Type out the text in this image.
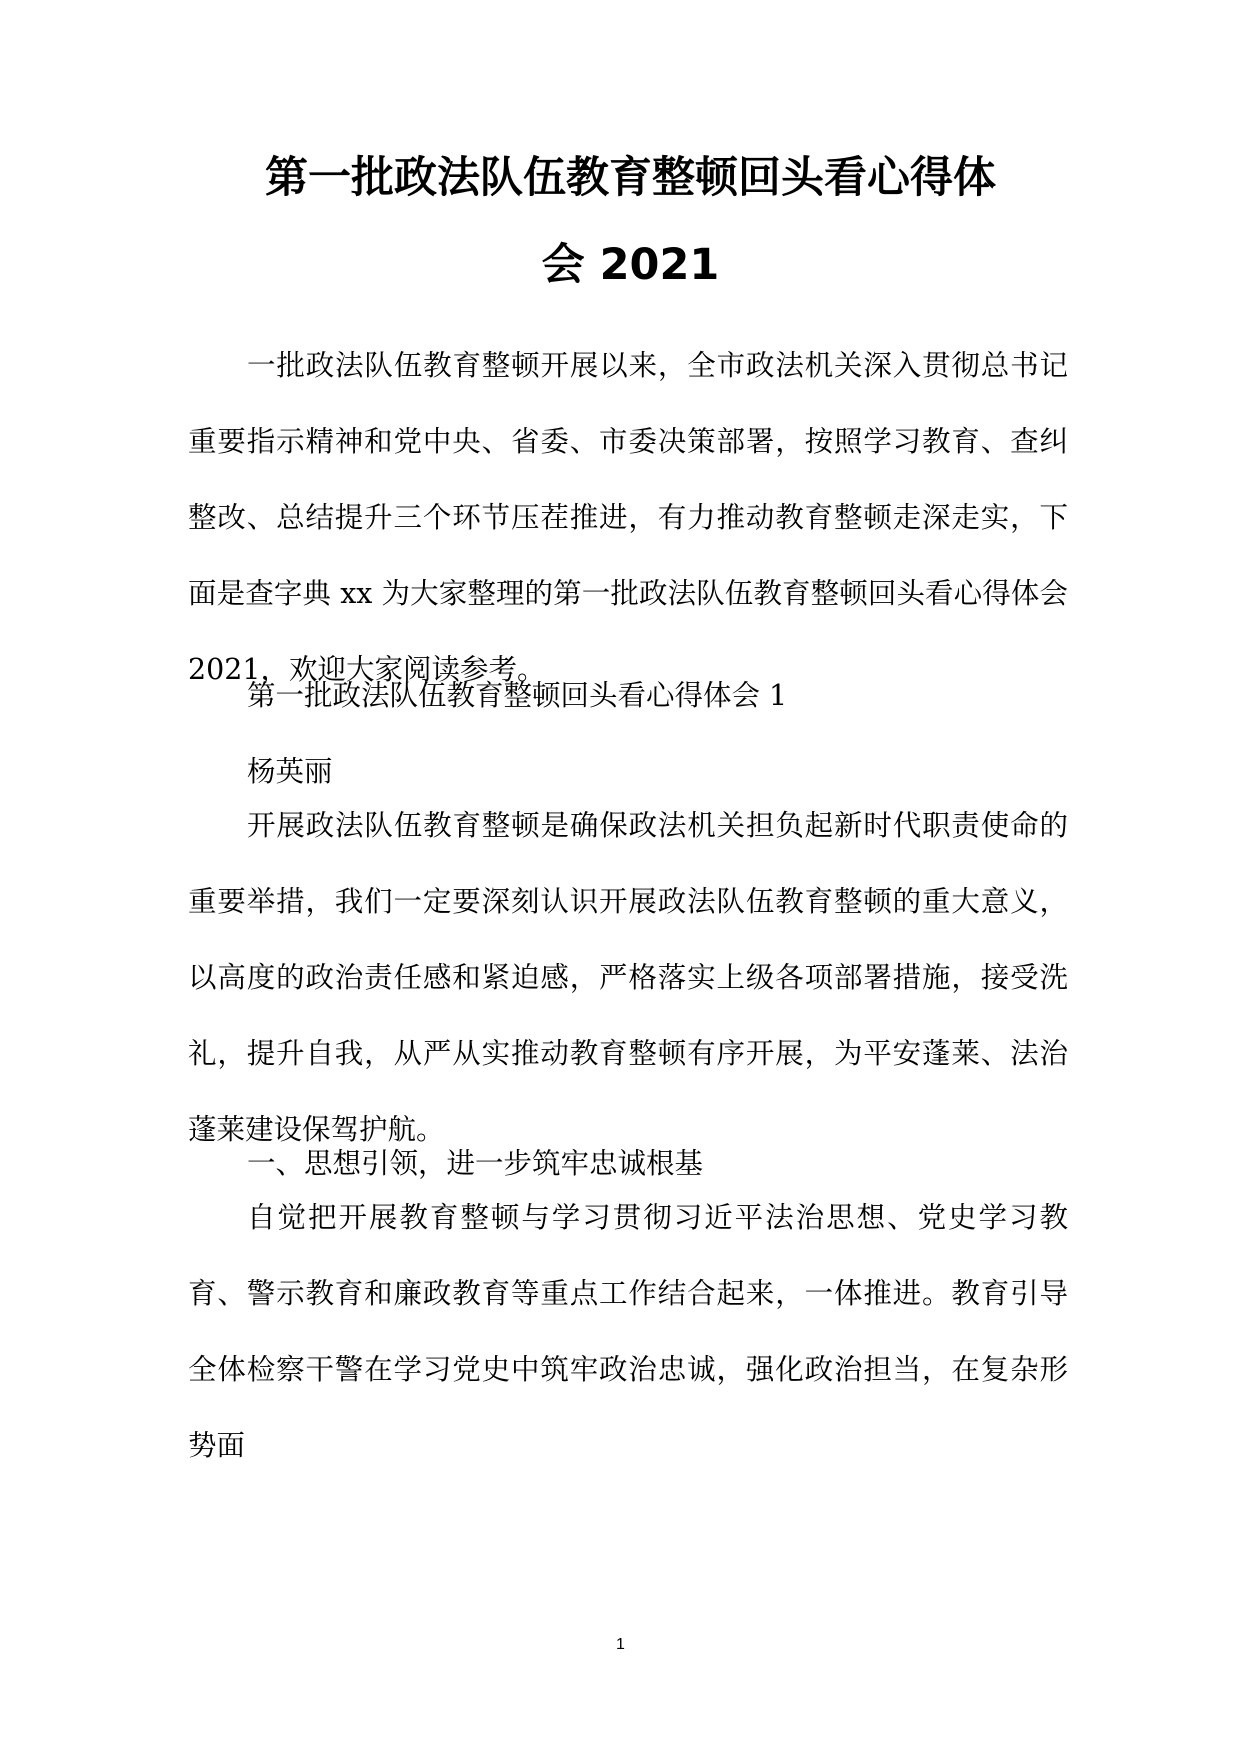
第一批政法队伍教育整顿回头看心得体
会 2021

一批政法队伍教育整顿开展以来，全市政法机关深入贯彻总书记重要指示精神和党中央、省委、市委决策部署，按照学习教育、查纠整改、总结提升三个环节压茬推进，有力推动教育整顿走深走实，下面是查字典 xx 为大家整理的第一批政法队伍教育整顿回头看心得体会 2021，欢迎大家阅读参考。

第一批政法队伍教育整顿回头看心得体会 1

杨英丽

开展政法队伍教育整顿是确保政法机关担负起新时代职责使命的重要举措，我们一定要深刻认识开展政法队伍教育整顿的重大意义，以高度的政治责任感和紧迫感，严格落实上级各项部署措施，接受洗礼，提升自我，从严从实推动教育整顿有序开展，为平安蓬莱、法治蓬莱建设保驾护航。

一、思想引领，进一步筑牢忠诚根基

自觉把开展教育整顿与学习贯彻习近平法治思想、党史学习教育、警示教育和廉政教育等重点工作结合起来，一体推进。教育引导全体检察干警在学习党史中筑牢政治忠诚，强化政治担当，在复杂形势面

1
